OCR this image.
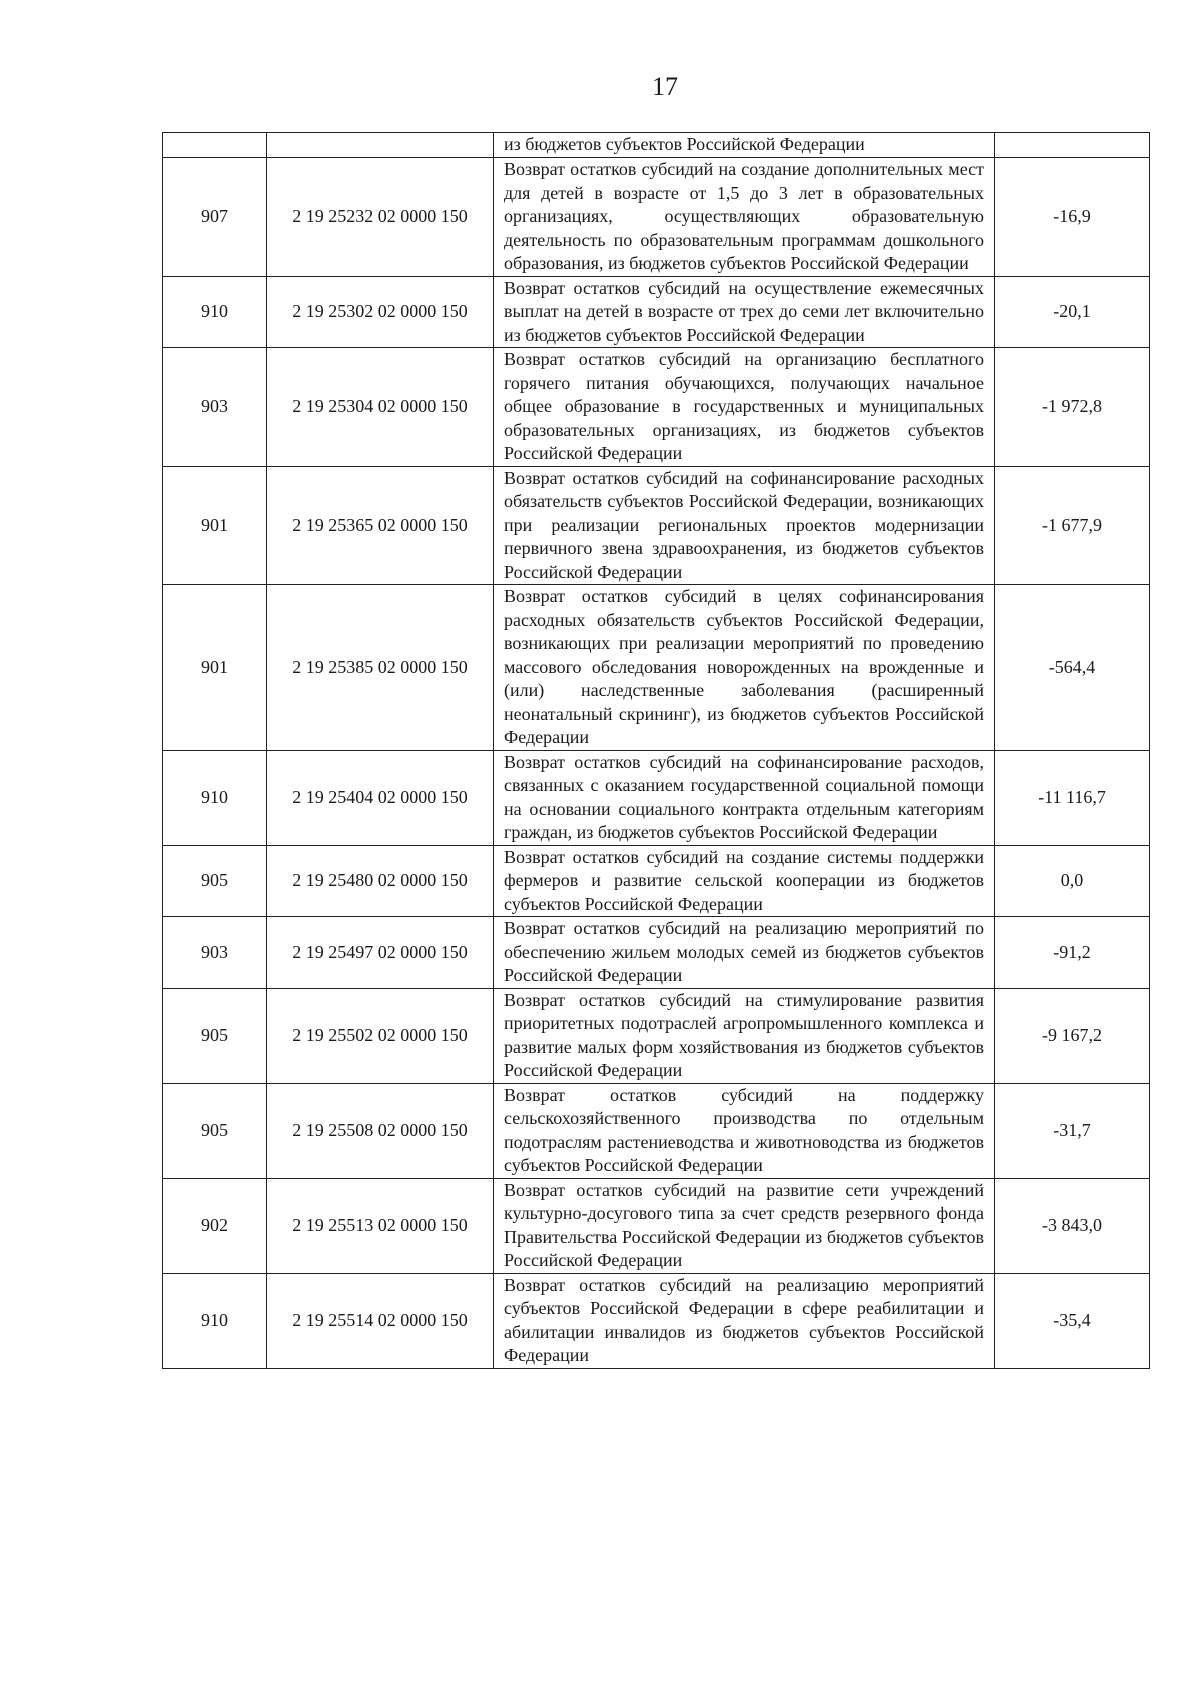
17
		из бюджетов субъектов Российской Федерации	
907	2 19 25232 02 0000 150	Возврат остатков субсидий на создание дополнительных мест для детей в возрасте от 1,5 до 3 лет в образовательных организациях, осуществляющих образовательную деятельность по образовательным программам дошкольного образования, из бюджетов субъектов Российской Федерации	-16,9
910	2 19 25302 02 0000 150	Возврат остатков субсидий на осуществление ежемесячных выплат на детей в возрасте от трех до семи лет включительно из бюджетов субъектов Российской Федерации	-20,1
903	2 19 25304 02 0000 150	Возврат остатков субсидий на организацию бесплатного горячего питания обучающихся, получающих начальное общее образование в государственных и муниципальных образовательных организациях, из бюджетов субъектов Российской Федерации	-1 972,8
901	2 19 25365 02 0000 150	Возврат остатков субсидий на софинансирование расходных обязательств субъектов Российской Федерации, возникающих при реализации региональных проектов модернизации первичного звена здравоохранения, из бюджетов субъектов Российской Федерации	-1 677,9
901	2 19 25385 02 0000 150	Возврат остатков субсидий в целях софинансирования расходных обязательств субъектов Российской Федерации, возникающих при реализации мероприятий по проведению массового обследования новорожденных на врожденные и (или) наследственные заболевания (расширенный неонатальный скрининг), из бюджетов субъектов Российской Федерации	-564,4
910	2 19 25404 02 0000 150	Возврат остатков субсидий на софинансирование расходов, связанных с оказанием государственной социальной помощи на основании социального контракта отдельным категориям граждан, из бюджетов субъектов Российской Федерации	-11 116,7
905	2 19 25480 02 0000 150	Возврат остатков субсидий на создание системы поддержки фермеров и развитие сельской кооперации из бюджетов субъектов Российской Федерации	0,0
903	2 19 25497 02 0000 150	Возврат остатков субсидий на реализацию мероприятий по обеспечению жильем молодых семей из бюджетов субъектов Российской Федерации	-91,2
905	2 19 25502 02 0000 150	Возврат остатков субсидий на стимулирование развития приоритетных подотраслей агропромышленного комплекса и развитие малых форм хозяйствования из бюджетов субъектов Российской Федерации	-9 167,2
905	2 19 25508 02 0000 150	Возврат остатков субсидий на поддержку сельскохозяйственного производства по отдельным подотраслям растениеводства и животноводства из бюджетов субъектов Российской Федерации	-31,7
902	2 19 25513 02 0000 150	Возврат остатков субсидий на развитие сети учреждений культурно-досугового типа за счет средств резервного фонда Правительства Российской Федерации из бюджетов субъектов Российской Федерации	-3 843,0
910	2 19 25514 02 0000 150	Возврат остатков субсидий на реализацию мероприятий субъектов Российской Федерации в сфере реабилитации и абилитации инвалидов из бюджетов субъектов Российской Федерации	-35,4
